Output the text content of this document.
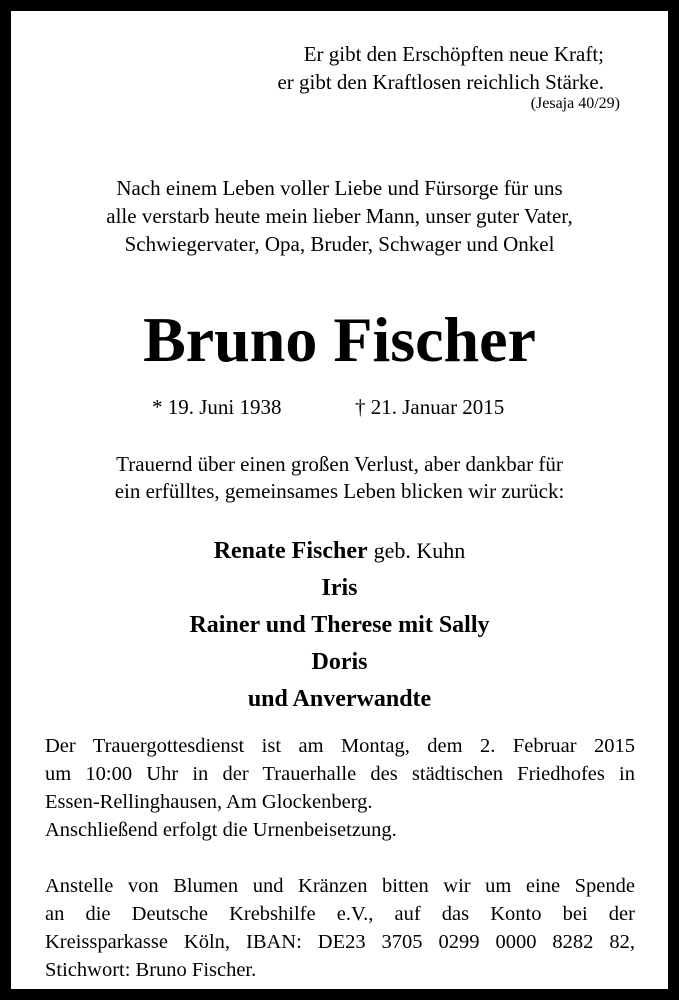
Er gibt den Erschöpften neue Kraft;
er gibt den Kraftlosen reichlich Stärke.
(Jesaja 40/29)
Nach einem Leben voller Liebe und Fürsorge für uns
alle verstarb heute mein lieber Mann, unser guter Vater,
Schwiegervater, Opa, Bruder, Schwager und Onkel
Bruno Fischer
* 19. Juni 1938	† 21. Januar 2015
Trauernd über einen großen Verlust, aber dankbar für
ein erfülltes, gemeinsames Leben blicken wir zurück:
Renate Fischer geb. Kuhn
Iris
Rainer und Therese mit Sally
Doris
und Anverwandte
Der Trauergottesdienst ist am Montag, dem 2. Februar 2015
um 10:00 Uhr in der Trauerhalle des städtischen Friedhofes in
Essen-Rellinghausen, Am Glockenberg.
Anschließend erfolgt die Urnenbeisetzung.
Anstelle von Blumen und Kränzen bitten wir um eine Spende
an die Deutsche Krebshilfe e.V., auf das Konto bei der
Kreissparkasse Köln, IBAN: DE23 3705 0299 0000 8282 82,
Stichwort: Bruno Fischer.
